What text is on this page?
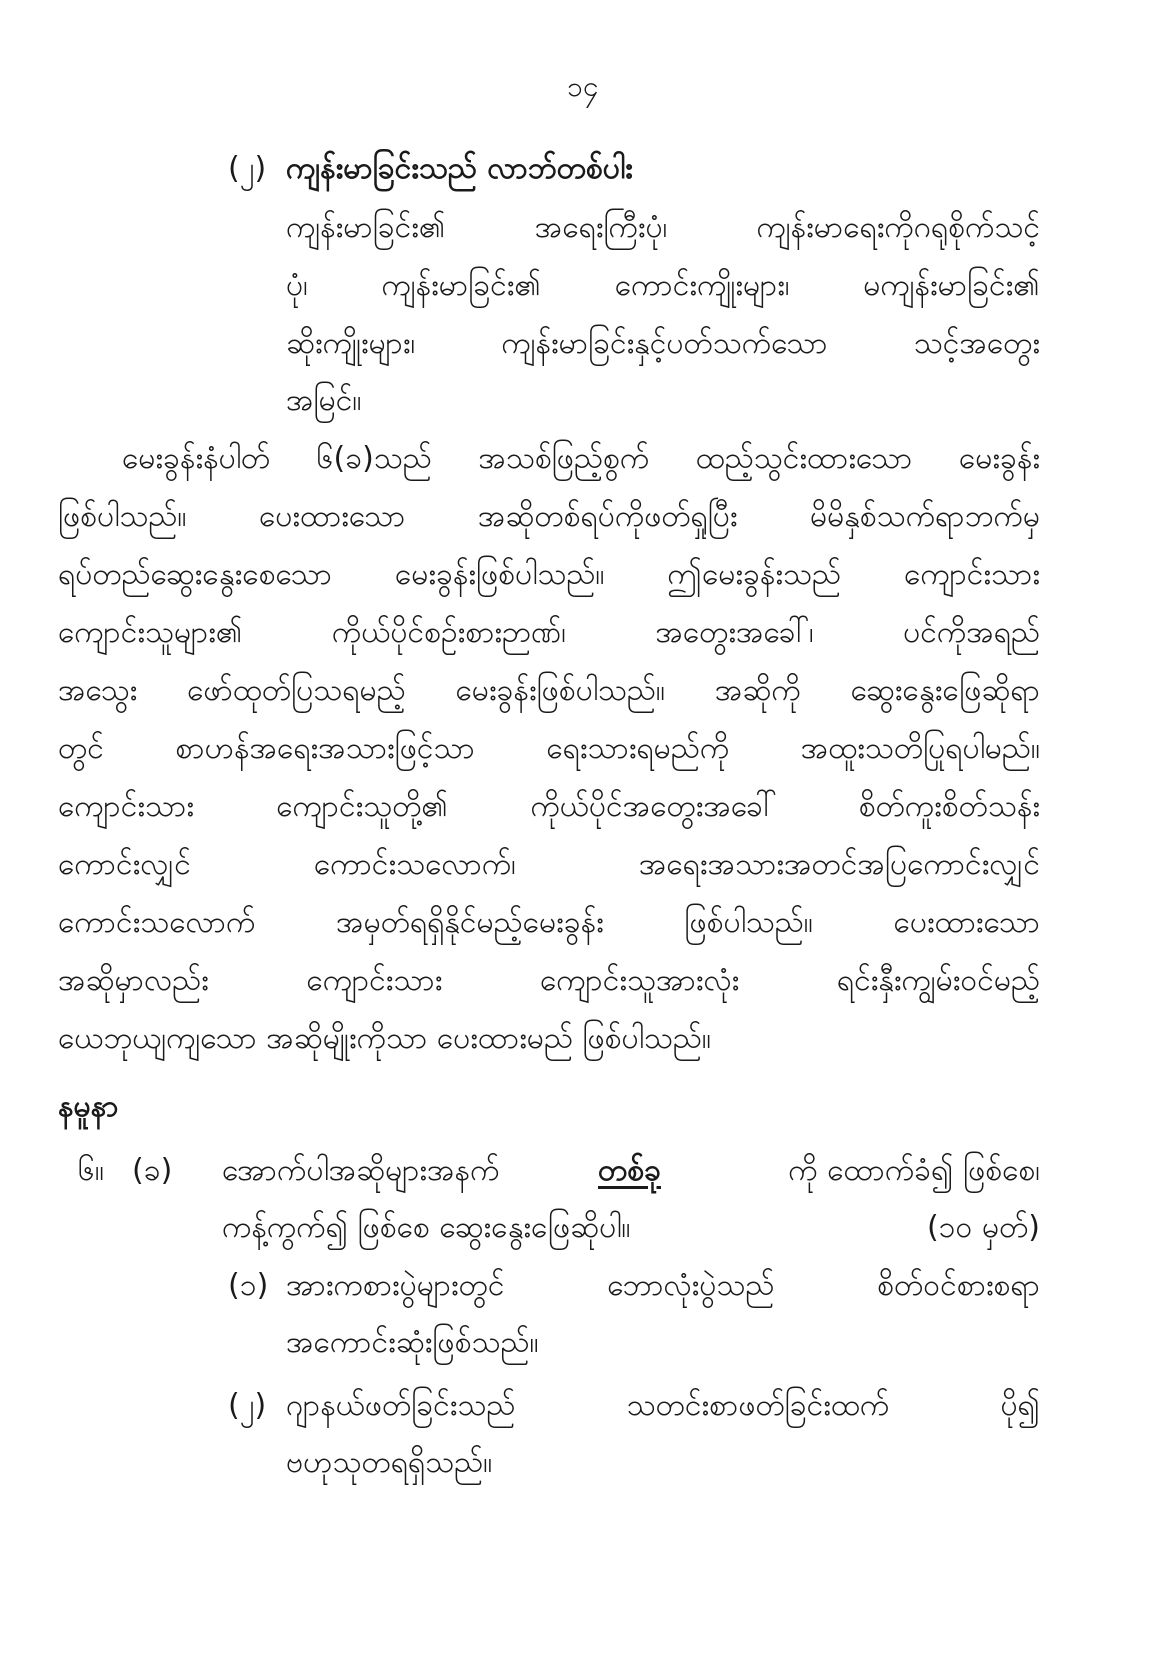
၁၄
(၂) ကျန်းမာခြင်းသည် လာဘ်တစ်ပါး
ကျန်းမာခြင်း၏ အရေးကြီးပုံ၊ ကျန်းမာရေးကိုဂရုစိုက်သင့်
ပုံ၊ ကျန်းမာခြင်း၏ ကောင်းကျိုးများ၊ မကျန်းမာခြင်း၏
ဆိုးကျိုးများ၊ ကျန်းမာခြင်းနှင့်ပတ်သက်သော သင့်အတွေး
အမြင်။
မေးခွန်းနံပါတ် ၆(ခ)သည် အသစ်ဖြည့်စွက် ထည့်သွင်းထားသော မေးခွန်း
ဖြစ်ပါသည်။ ပေးထားသော အဆိုတစ်ရပ်ကိုဖတ်ရှုပြီး မိမိနှစ်သက်ရာဘက်မှ
ရပ်တည်ဆွေးနွေးစေသော မေးခွန်းဖြစ်ပါသည်။ ဤမေးခွန်းသည် ကျောင်းသား
ကျောင်းသူများ၏ ကိုယ်ပိုင်စဉ်းစားဉာဏ်၊ အတွေးအခေါ်၊ ပင်ကိုအရည်
အသွေး ဖော်ထုတ်ပြသရမည့် မေးခွန်းဖြစ်ပါသည်။ အဆိုကို ဆွေးနွေးဖြေဆိုရာ
တွင် စာဟန်အရေးအသားဖြင့်သာ ရေးသားရမည်ကို အထူးသတိပြုရပါမည်။
ကျောင်းသား ကျောင်းသူတို့၏ ကိုယ်ပိုင်အတွေးအခေါ် စိတ်ကူးစိတ်သန်း
ကောင်းလျှင် ကောင်းသလောက်၊ အရေးအသားအတင်အပြကောင်းလျှင်
ကောင်းသလောက် အမှတ်ရရှိနိုင်မည့်မေးခွန်း ဖြစ်ပါသည်။ ပေးထားသော
အဆိုမှာလည်း ကျောင်းသား ကျောင်းသူအားလုံး ရင်းနှီးကျွမ်းဝင်မည့်
ယေဘုယျကျသော အဆိုမျိုးကိုသာ ပေးထားမည် ဖြစ်ပါသည်။
နမူနာ
၆။ (ခ) အောက်ပါအဆိုများအနက်	တစ်ခု	ကို ထောက်ခံ၍ ဖြစ်စေ၊
ကန့်ကွက်၍ ဖြစ်စေ ဆွေးနွေးဖြေဆိုပါ။	(၁၀ မှတ်)
(၁) အားကစားပွဲများတွင် ဘောလုံးပွဲသည် စိတ်ဝင်စားစရာ
အကောင်းဆုံးဖြစ်သည်။
(၂) ဂျာနယ်ဖတ်ခြင်းသည် သတင်းစာဖတ်ခြင်းထက် ပို၍
ဗဟုသုတရရှိသည်။
